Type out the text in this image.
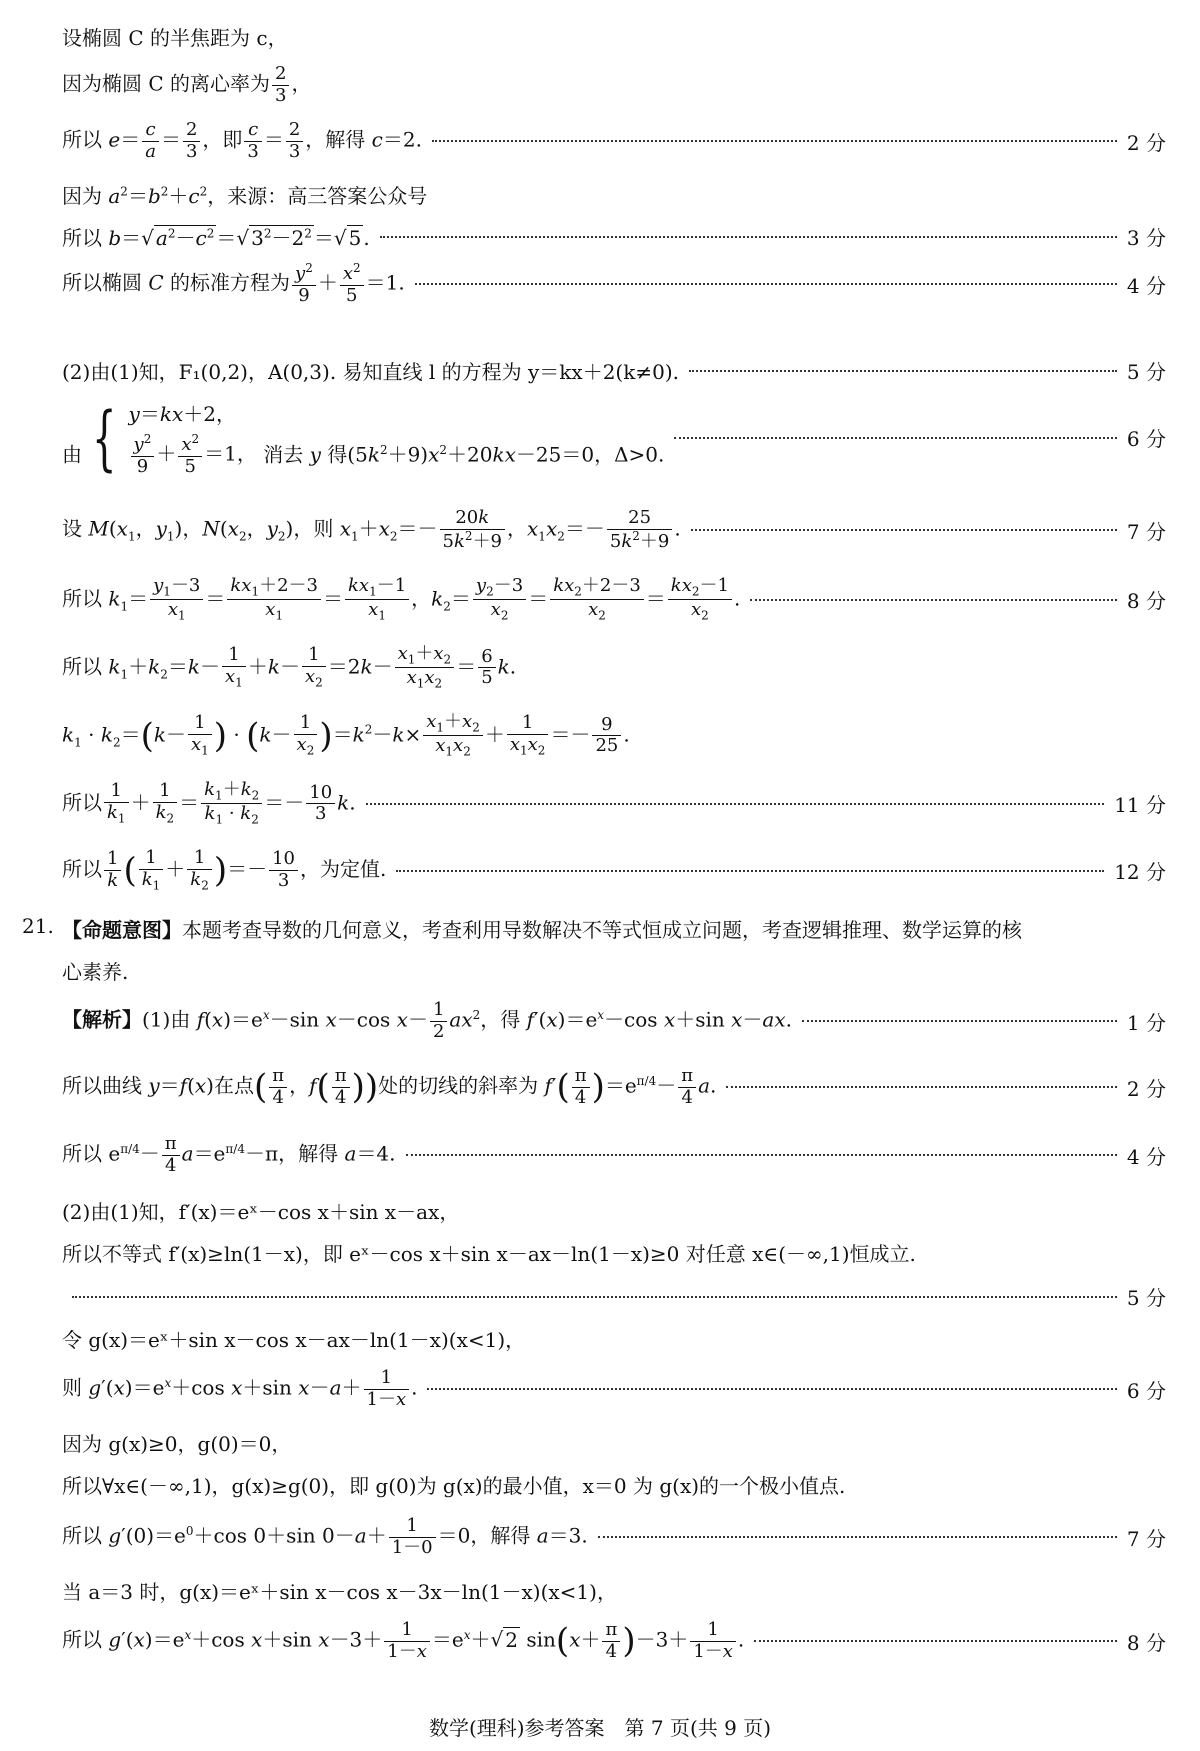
设椭圆 C 的半焦距为 c，
因为椭圆 C 的离心率为 $\frac{2}{3}$ ，
所以 $e= \frac{c}{a} = \frac{2}{3}$ ，即 $\frac{c}{3} = \frac{2}{3}$ ，解得 c＝2.	2 分
因为 $a^2=b^2+c^2$，来源：高三答案公众号
所以 b＝√ $a^2-c^2$ ＝√ $3^2-2^2$ ＝√ 5 .	3 分
所以椭圆 C 的标准方程为 $\frac{y^2}{9} + \frac{x^2}{5} =1$.	4 分
(2)由(1)知，F₁(0,2)，A(0,3). 易知直线 l 的方程为 y＝kx＋2(k≠0).	5 分
由 { y＝kx＋2，
$\frac{y^2}{9} + \frac{x^2}{5} =1$， 消去 y 得$(5k^2+9)x^2+20kx-25=0$，Δ>0.
6 分
设 $M(x_1$，$y_1$)，$N(x_2$，$y_2$)，则 $x_1+x_2=- \frac{20k}{5k^2+9}$ ，$x_1x_2=- \frac{25}{5k^2+9}$ .	7 分
所以 $k_1= \frac{y_1-3}{x_1} = \frac{kx_1+2-3}{x_1} = \frac{kx_1-1}{x_1}$ ，$k_2= \frac{y_2-3}{x_2} = \frac{kx_2+2-3}{x_2} = \frac{kx_2-1}{x_2}$ .	8 分
所以 $k_1+k_2=k- \frac{1}{x_1} +k- \frac{1}{x_2} =2k- \frac{x_1+x_2}{x_1x_2} = \frac{6}{5} k$.
$k_1 \cdot k_2=(k- \frac{1}{x_1}$ ) · $(k- \frac{1}{x_2} )=k^2-k\times \frac{x_1+x_2}{x_1x_2} + \frac{1}{x_1x_2} =- \frac{9}{25}$ .
所以 $\frac{1}{k_1} + \frac{1}{k_2} = \frac{k_1+k_2}{k_1 \cdot k_2} =- \frac{10}{3} k$.	11 分
所以 $\frac{1}{k}$ ( $\frac{1}{k_1} + \frac{1}{k_2}$ )＝－ $\frac{10}{3}$ ，为定值.	12 分
21. 【命题意图】本题考查导数的几何意义，考查利用导数解决不等式恒成立问题，考查逻辑推理、数学运算的核
心素养.
【解析】(1)由 $f(x)=e^x-\sin$ x－cos $x- \frac{1}{2} ax^2$，得 $f'(x)=e^x-\cos$ x＋sin x－ax.	1 分
所以曲线 y＝f(x)在点( $\frac{\pi}{4}$ ，$f( \frac{\pi}{4}$ ))处的切线的斜率为 $f'( \frac{\pi}{4} )=e^{\pi/4}- \frac{\pi}{4} a$.	2 分
所以 $e^{\pi/4}- \frac{\pi}{4} a=e^{\pi/4}-\pi$，解得 a＝4.	4 分
(2)由(1)知，f′(x)＝eˣ－cos x＋sin x－ax，
所以不等式 f′(x)≥ln(1－x)，即 eˣ－cos x＋sin x－ax－ln(1－x)≥0 对任意 x∈(－∞,1)恒成立.
5 分
令 g(x)＝eˣ＋sin x－cos x－ax－ln(1－x)(x<1)，
则 $g'(x)=e^x+\cos$ x＋sin $x-a+ \frac{1}{1-x}$ .	6 分
因为 g(x)≥0，g(0)＝0，
所以∀x∈(－∞,1)，g(x)≥g(0)，即 g(0)为 g(x)的最小值，x＝0 为 g(x)的一个极小值点.
所以 $g'(0)=e^0+\cos$ 0＋sin $0-a+ \frac{1}{1-0} =0$，解得 a＝3.	7 分
当 a＝3 时，g(x)＝eˣ＋sin x－cos x－3x－ln(1－x)(x<1)，
所以 $g'(x)=e^x+\cos$ x＋sin $x-3+ \frac{1}{1-x} =e^x+√$ 2 $\sin(x+ \frac{\pi}{4} )-3+ \frac{1}{1-x}$ .	8 分
数学(理科)参考答案　第 7 页(共 9 页)
